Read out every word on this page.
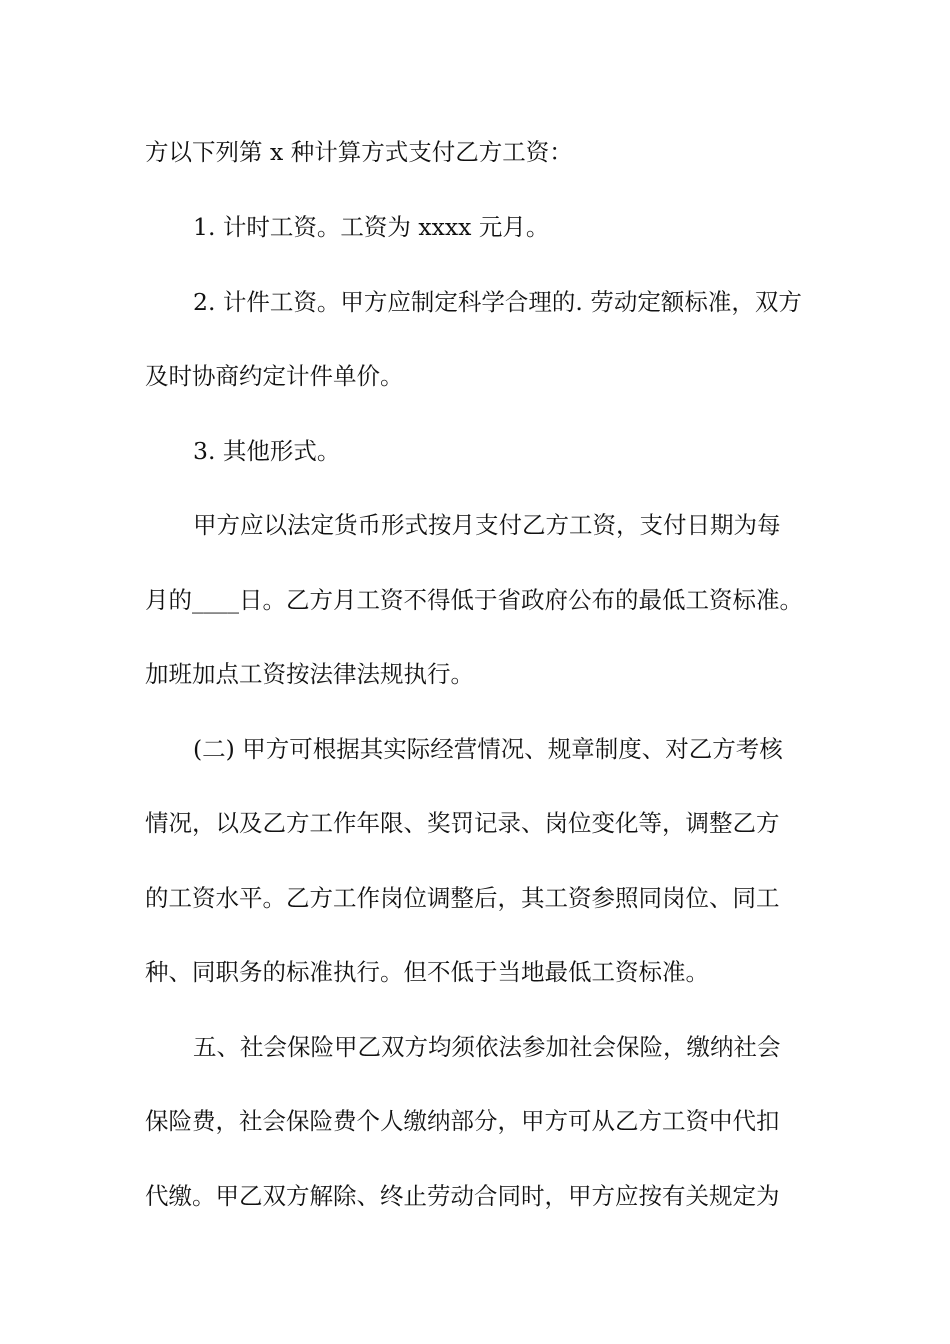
方以下列第 x 种计算方式支付乙方工资：
1. 计时工资。工资为 xxxx 元月。
2. 计件工资。甲方应制定科学合理的. 劳动定额标准，双方
及时协商约定计件单价。
3. 其他形式。
甲方应以法定货币形式按月支付乙方工资，支付日期为每
月的____日。乙方月工资不得低于省政府公布的最低工资标准。
加班加点工资按法律法规执行。
(二) 甲方可根据其实际经营情况、规章制度、对乙方考核
情况，以及乙方工作年限、奖罚记录、岗位变化等，调整乙方
的工资水平。乙方工作岗位调整后，其工资参照同岗位、同工
种、同职务的标准执行。但不低于当地最低工资标准。
五、社会保险甲乙双方均须依法参加社会保险，缴纳社会
保险费，社会保险费个人缴纳部分，甲方可从乙方工资中代扣
代缴。甲乙双方解除、终止劳动合同时，甲方应按有关规定为
